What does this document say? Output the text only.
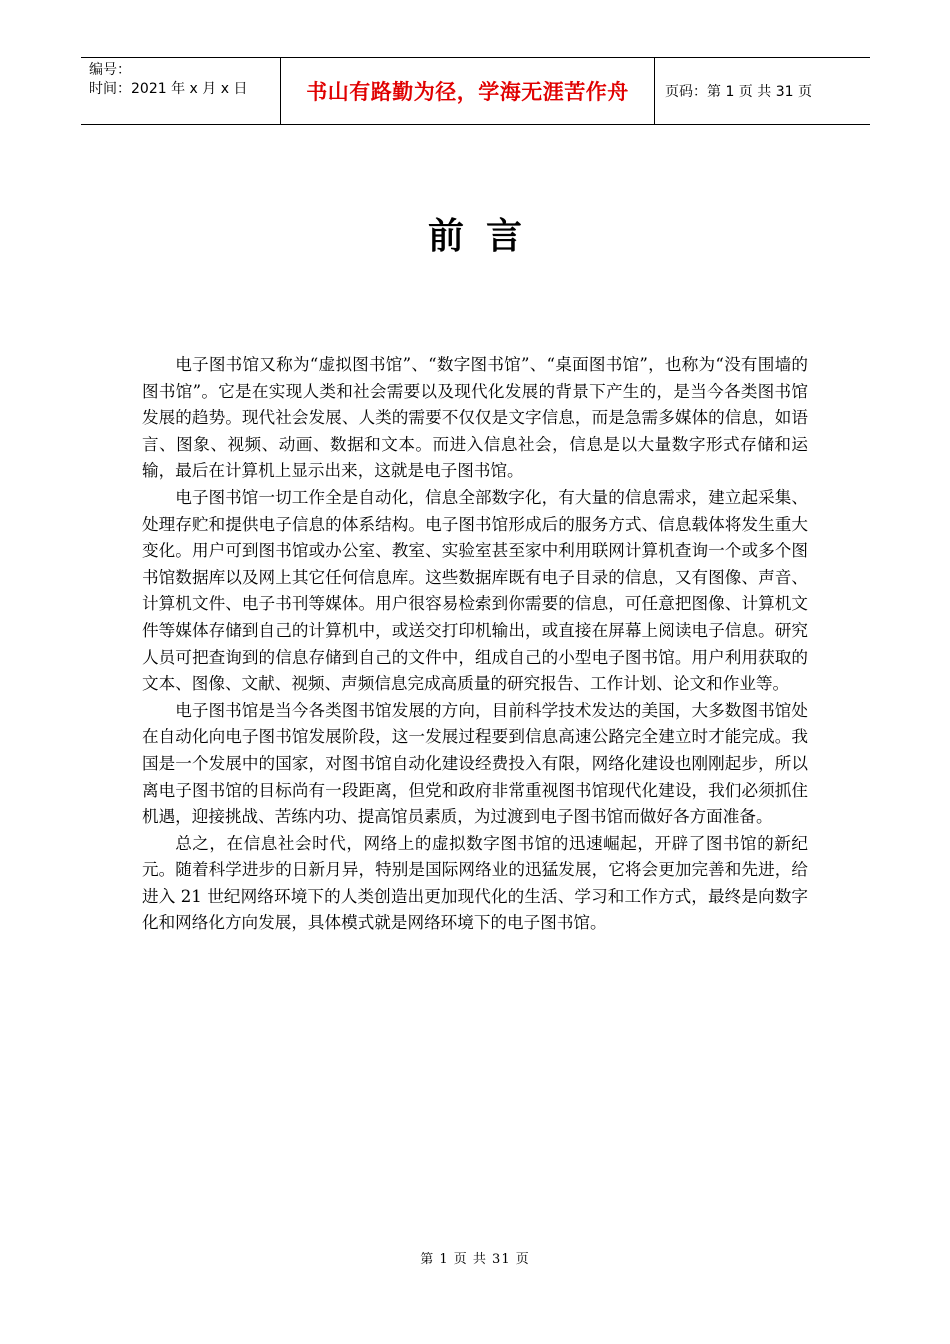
编号：
时间：2021 年 x 月 x 日	书山有路勤为径，学海无涯苦作舟	页码：第 1 页 共 31 页
前言

电子图书馆又称为“虚拟图书馆”、“数字图书馆”、“桌面图书馆”，也称为“没有围墙的图书馆”。它是在实现人类和社会需要以及现代化发展的背景下产生的，是当今各类图书馆发展的趋势。现代社会发展、人类的需要不仅仅是文字信息，而是急需多媒体的信息，如语言、图象、视频、动画、数据和文本。而进入信息社会，信息是以大量数字形式存储和运输，最后在计算机上显示出来，这就是电子图书馆。

电子图书馆一切工作全是自动化，信息全部数字化，有大量的信息需求，建立起采集、处理存贮和提供电子信息的体系结构。电子图书馆形成后的服务方式、信息载体将发生重大变化。用户可到图书馆或办公室、教室、实验室甚至家中利用联网计算机查询一个或多个图书馆数据库以及网上其它任何信息库。这些数据库既有电子目录的信息，又有图像、声音、计算机文件、电子书刊等媒体。用户很容易检索到你需要的信息，可任意把图像、计算机文件等媒体存储到自己的计算机中，或送交打印机输出，或直接在屏幕上阅读电子信息。研究人员可把查询到的信息存储到自己的文件中，组成自己的小型电子图书馆。用户利用获取的文本、图像、文献、视频、声频信息完成高质量的研究报告、工作计划、论文和作业等。

电子图书馆是当今各类图书馆发展的方向，目前科学技术发达的美国，大多数图书馆处在自动化向电子图书馆发展阶段，这一发展过程要到信息高速公路完全建立时才能完成。我国是一个发展中的国家，对图书馆自动化建设经费投入有限，网络化建设也刚刚起步，所以离电子图书馆的目标尚有一段距离，但党和政府非常重视图书馆现代化建设，我们必须抓住机遇，迎接挑战、苦练内功、提高馆员素质，为过渡到电子图书馆而做好各方面准备。

总之，在信息社会时代，网络上的虚拟数字图书馆的迅速崛起，开辟了图书馆的新纪元。随着科学进步的日新月异，特别是国际网络业的迅猛发展，它将会更加完善和先进，给进入 21 世纪网络环境下的人类创造出更加现代化的生活、学习和工作方式，最终是向数字化和网络化方向发展，具体模式就是网络环境下的电子图书馆。

第 1 页 共 31 页
